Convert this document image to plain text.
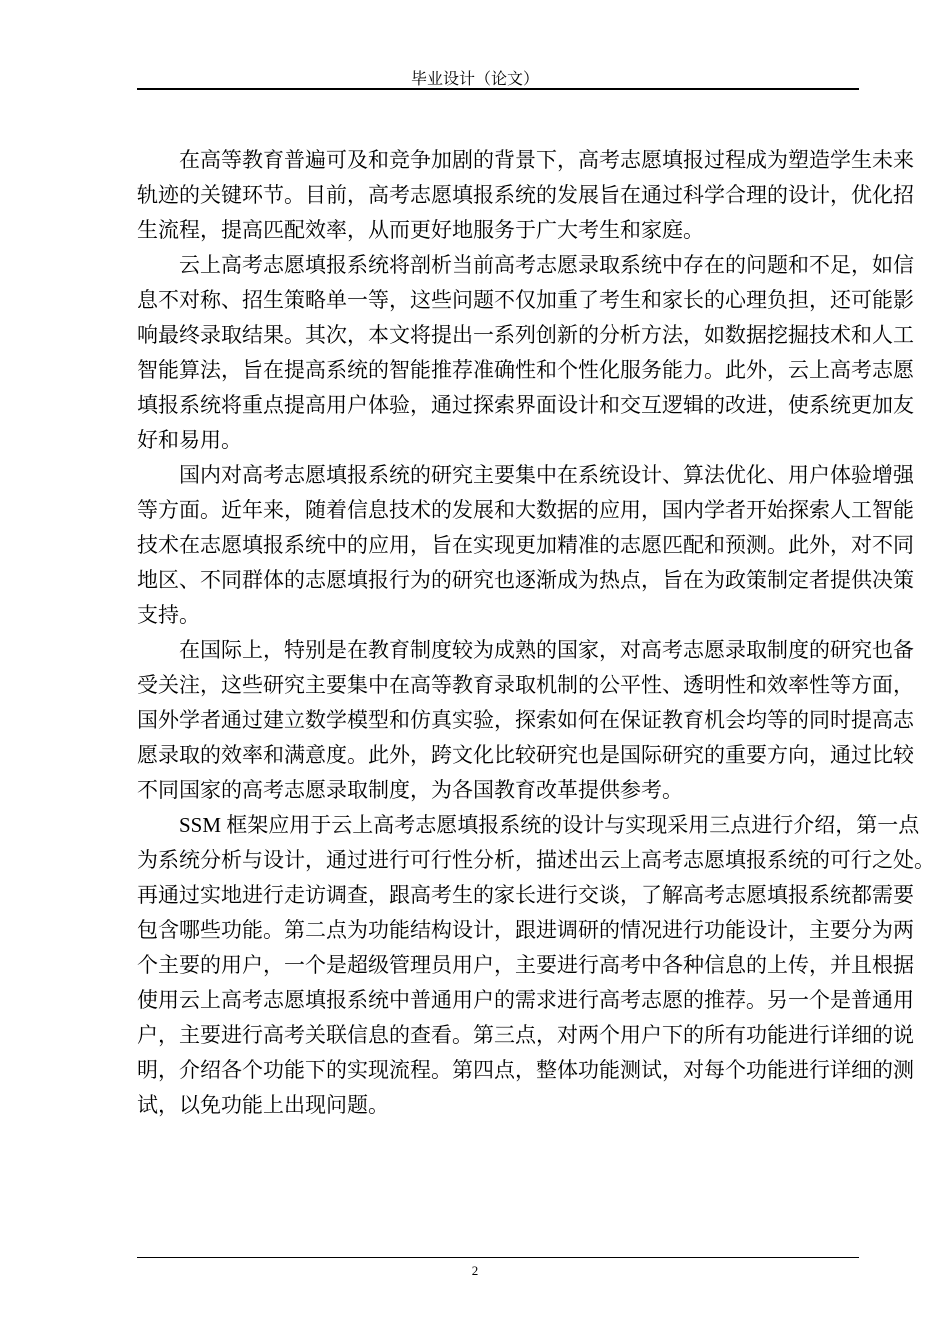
毕业设计（论文）
在高等教育普遍可及和竞争加剧的背景下，高考志愿填报过程成为塑造学生未来
轨迹的关键环节。目前，高考志愿填报系统的发展旨在通过科学合理的设计，优化招
生流程，提高匹配效率，从而更好地服务于广大考生和家庭。
云上高考志愿填报系统将剖析当前高考志愿录取系统中存在的问题和不足，如信
息不对称、招生策略单一等，这些问题不仅加重了考生和家长的心理负担，还可能影
响最终录取结果。其次，本文将提出一系列创新的分析方法，如数据挖掘技术和人工
智能算法，旨在提高系统的智能推荐准确性和个性化服务能力。此外，云上高考志愿
填报系统将重点提高用户体验，通过探索界面设计和交互逻辑的改进，使系统更加友
好和易用。
国内对高考志愿填报系统的研究主要集中在系统设计、算法优化、用户体验增强
等方面。近年来，随着信息技术的发展和大数据的应用，国内学者开始探索人工智能
技术在志愿填报系统中的应用，旨在实现更加精准的志愿匹配和预测。此外，对不同
地区、不同群体的志愿填报行为的研究也逐渐成为热点，旨在为政策制定者提供决策
支持。
在国际上，特别是在教育制度较为成熟的国家，对高考志愿录取制度的研究也备
受关注，这些研究主要集中在高等教育录取机制的公平性、透明性和效率性等方面，
国外学者通过建立数学模型和仿真实验，探索如何在保证教育机会均等的同时提高志
愿录取的效率和满意度。此外，跨文化比较研究也是国际研究的重要方向，通过比较
不同国家的高考志愿录取制度，为各国教育改革提供参考。
SSM 框架应用于云上高考志愿填报系统的设计与实现采用三点进行介绍，第一点
为系统分析与设计，通过进行可行性分析，描述出云上高考志愿填报系统的可行之处。
再通过实地进行走访调查，跟高考生的家长进行交谈，了解高考志愿填报系统都需要
包含哪些功能。第二点为功能结构设计，跟进调研的情况进行功能设计，主要分为两
个主要的用户，一个是超级管理员用户，主要进行高考中各种信息的上传，并且根据
使用云上高考志愿填报系统中普通用户的需求进行高考志愿的推荐。另一个是普通用
户，主要进行高考关联信息的查看。第三点，对两个用户下的所有功能进行详细的说
明，介绍各个功能下的实现流程。第四点，整体功能测试，对每个功能进行详细的测
试，以免功能上出现问题。
2
